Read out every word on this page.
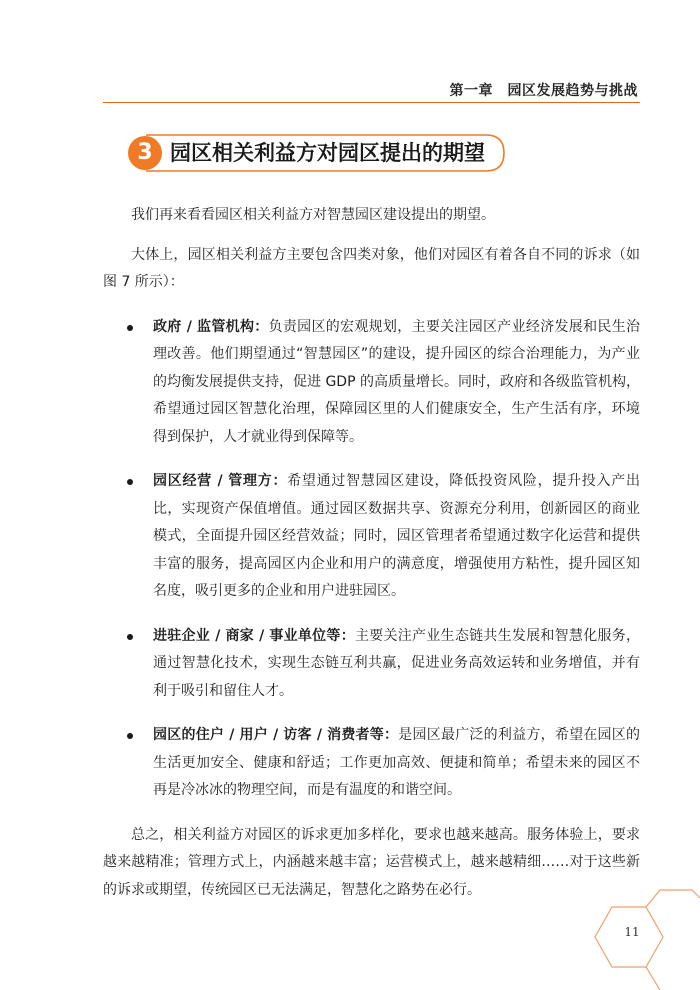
第一章　园区发展趋势与挑战
3 园区相关利益方对园区提出的期望

我们再来看看园区相关利益方对智慧园区建设提出的期望。

大体上，园区相关利益方主要包含四类对象，他们对园区有着各自不同的诉求（如图 7 所示）：

政府 / 监管机构：负责园区的宏观规划，主要关注园区产业经济发展和民生治理改善。他们期望通过“智慧园区”的建设，提升园区的综合治理能力，为产业的均衡发展提供支持，促进 GDP 的高质量增长。同时，政府和各级监管机构，希望通过园区智慧化治理，保障园区里的人们健康安全，生产生活有序，环境得到保护，人才就业得到保障等。
园区经营 / 管理方：希望通过智慧园区建设，降低投资风险，提升投入产出比，实现资产保值增值。通过园区数据共享、资源充分利用，创新园区的商业模式，全面提升园区经营效益；同时，园区管理者希望通过数字化运营和提供丰富的服务，提高园区内企业和用户的满意度，增强使用方粘性，提升园区知名度，吸引更多的企业和用户进驻园区。
进驻企业 / 商家 / 事业单位等：主要关注产业生态链共生发展和智慧化服务，通过智慧化技术，实现生态链互利共赢，促进业务高效运转和业务增值，并有利于吸引和留住人才。
园区的住户 / 用户 / 访客 / 消费者等：是园区最广泛的利益方，希望在园区的生活更加安全、健康和舒适；工作更加高效、便捷和简单；希望未来的园区不再是冷冰冰的物理空间，而是有温度的和谐空间。

总之，相关利益方对园区的诉求更加多样化，要求也越来越高。服务体验上，要求越来越精准；管理方式上，内涵越来越丰富；运营模式上，越来越精细……对于这些新的诉求或期望，传统园区已无法满足，智慧化之路势在必行。

11
